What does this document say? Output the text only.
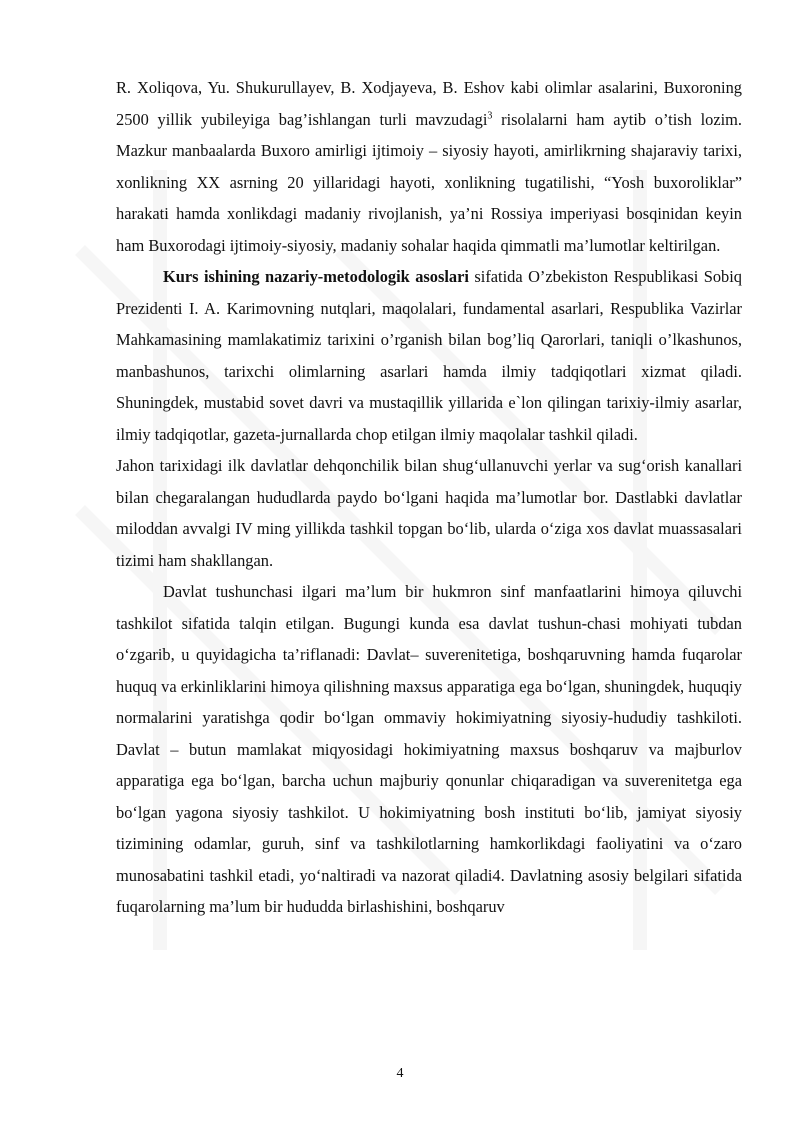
R. Xoliqova, Yu. Shukurullayev, B. Xodjayeva, B. Eshov kabi olimlar asalarini, Buxoroning 2500 yillik yubileyiga bag’ishlangan turli mavzudagi$^3$ risolalarni ham aytib o’tish lozim. Mazkur manbaalarda Buxoro amirligi ijtimoiy – siyosiy hayoti, amirlikrning shajaraviy tarixi, xonlikning XX asrning 20 yillaridagi hayoti, xonlikning tugatilishi, “Yosh buxoroliklar” harakati hamda xonlikdagi madaniy rivojlanish, ya’ni Rossiya imperiyasi bosqinidan keyin ham Buxorodagi ijtimoiy-siyosiy, madaniy sohalar haqida qimmatli ma’lumotlar keltirilgan.

Kurs ishining nazariy-metodologik asoslari sifatida O’zbekiston Respublikasi Sobiq Prezidenti I. A. Karimovning nutqlari, maqolalari, fundamental asarlari, Respublika Vazirlar Mahkamasining mamlakatimiz tarixini o’rganish bilan bog’liq Qarorlari, taniqli o’lkashunos, manbashunos, tarixchi olimlarning asarlari hamda ilmiy tadqiqotlari xizmat qiladi. Shuningdek, mustabid sovet davri va mustaqillik yillarida e`lon qilingan tarixiy-ilmiy asarlar, ilmiy tadqiqotlar, gazeta-jurnallarda chop etilgan ilmiy maqolalar tashkil qiladi.

Jahon tarixidagi ilk davlatlar dehqonchilik bilan shug‘ullanuvchi yerlar va sug‘orish kanallari bilan chegaralangan hududlarda paydo bo‘lgani haqida ma’lumotlar bor. Dastlabki davlatlar miloddan avvalgi IV ming yillikda tashkil topgan bo‘lib, ularda o‘ziga xos davlat muassasalari tizimi ham shakllangan.

Davlat tushunchasi ilgari ma’lum bir hukmron sinf manfaatlarini himoya qiluvchi tashkilot sifatida talqin etilgan. Bugungi kunda esa davlat tushun-chasi mohiyati tubdan o‘zgarib, u quyidagicha ta’riflanadi: Davlat– suverenitetiga, boshqaruvning hamda fuqarolar huquq va erkinliklarini himoya qilishning maxsus apparatiga ega bo‘lgan, shuningdek, huquqiy normalarini yaratishga qodir bo‘lgan ommaviy hokimiyatning siyosiy-hududiy tashkiloti. Davlat – butun mamlakat miqyosidagi hokimiyatning maxsus boshqaruv va majburlov apparatiga ega bo‘lgan, barcha uchun majburiy qonunlar chiqaradigan va suverenitetga ega bo‘lgan yagona siyosiy tashkilot. U hokimiyatning bosh instituti bo‘lib, jamiyat siyosiy tizimining odamlar, guruh, sinf va tashkilotlarning hamkorlikdagi faoliyatini va o‘zaro munosabatini tashkil etadi, yo‘naltiradi va nazorat qiladi4. Davlatning asosiy belgilari sifatida fuqarolarning ma’lum bir hududda birlashishini, boshqaruv

4
